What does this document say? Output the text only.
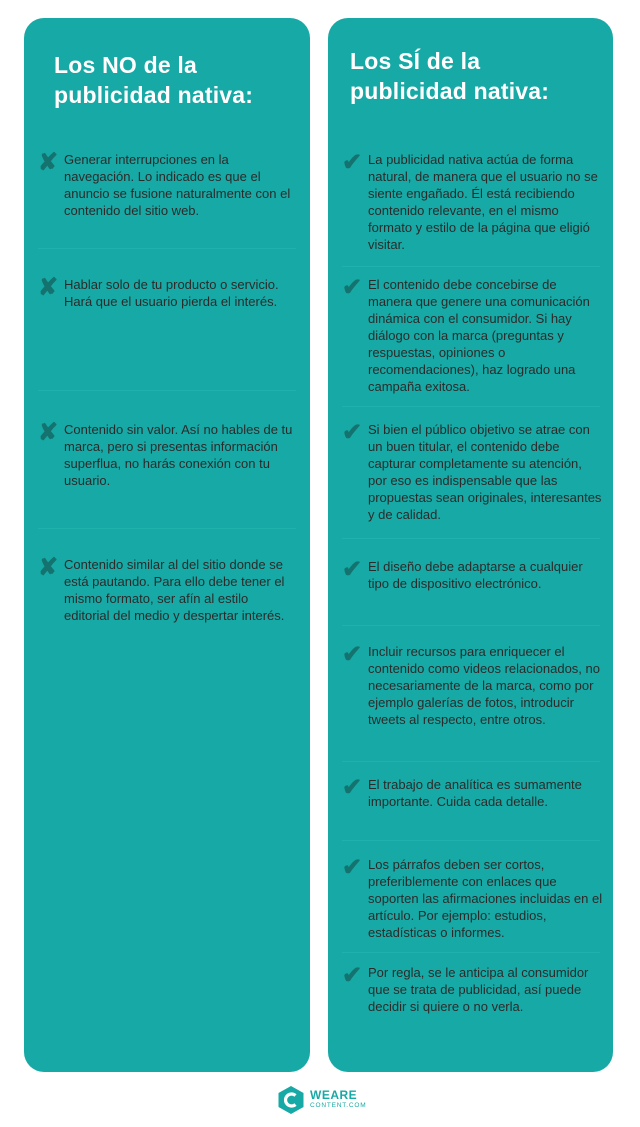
Los NO de la publicidad nativa:
✘ Generar interrupciones en la navegación. Lo indicado es que el anuncio se fusione naturalmente con el contenido del sitio web.

✘ Hablar solo de tu producto o servicio. Hará que el usuario pierda el interés.

✘ Contenido sin valor. Así no hables de tu marca, pero si presentas información superflua, no harás conexión con tu usuario.

✘ Contenido similar al del sitio donde se está pautando. Para ello debe tener el mismo formato, ser afín al estilo editorial del medio y despertar interés.

Los SÍ de la publicidad nativa:
✔ La publicidad nativa actúa de forma natural, de manera que el usuario no se siente engañado. Él está recibiendo contenido relevante, en el mismo formato y estilo de la página que eligió visitar.

✔ El contenido debe concebirse de manera que genere una comunicación dinámica con el consumidor. Si hay diálogo con la marca (preguntas y respuestas, opiniones o recomendaciones), haz logrado una campaña exitosa.

✔ Si bien el público objetivo se atrae con un buen titular, el contenido debe capturar completamente su atención, por eso es indispensable que las propuestas sean originales, interesantes y de calidad.

✔ El diseño debe adaptarse a cualquier tipo de dispositivo electrónico.

✔ Incluir recursos para enriquecer el contenido como videos relacionados, no necesariamente de la marca, como por ejemplo galerías de fotos, introducir tweets al respecto, entre otros.

✔ El trabajo de analítica es sumamente importante. Cuida cada detalle.

✔ Los párrafos deben ser cortos, preferiblemente con enlaces que soporten las afirmaciones incluidas en el artículo. Por ejemplo: estudios, estadísticas o informes.

✔ Por regla, se le anticipa al consumidor que se trata de publicidad, así puede decidir si quiere o no verla.

WEARE
CONTENT.COM
